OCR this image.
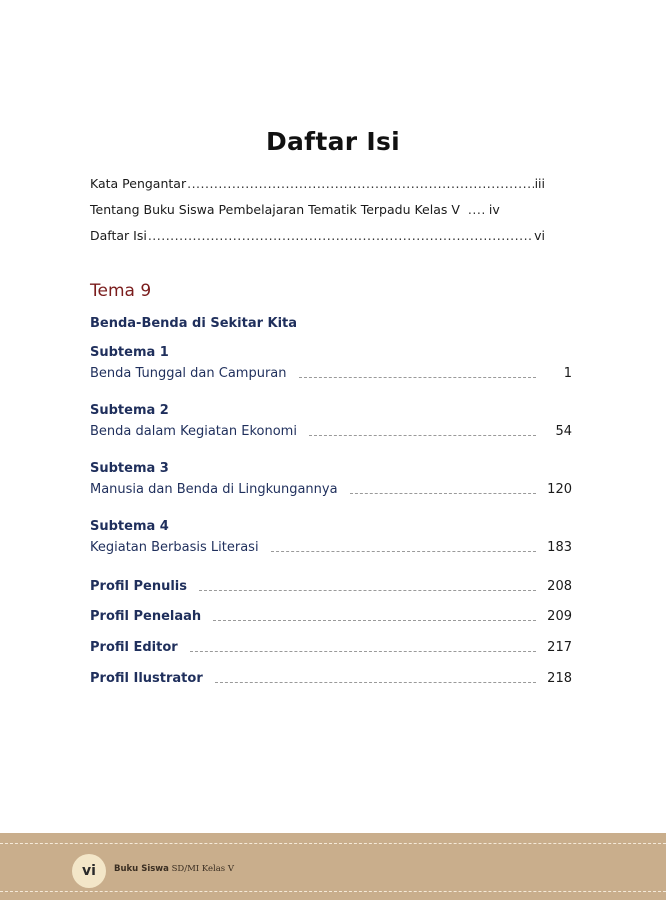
Daftar Isi
Kata Pengantar .....	iii
Tentang Buku Siswa Pembelajaran Tematik Terpadu Kelas V ..... iv
Daftar Isi .....	vi
Tema 9
Benda-Benda di Sekitar Kita
Subtema 1
Benda Tunggal dan Campuran	1
Subtema 2
Benda dalam Kegiatan Ekonomi	54
Subtema 3
Manusia dan Benda di Lingkungannya	120
Subtema 4
Kegiatan Berbasis Literasi	183
Profil Penulis	208
Profil Penelaah	209
Profil Editor	217
Profil Ilustrator	218
vi Buku Siswa SD/MI Kelas V
